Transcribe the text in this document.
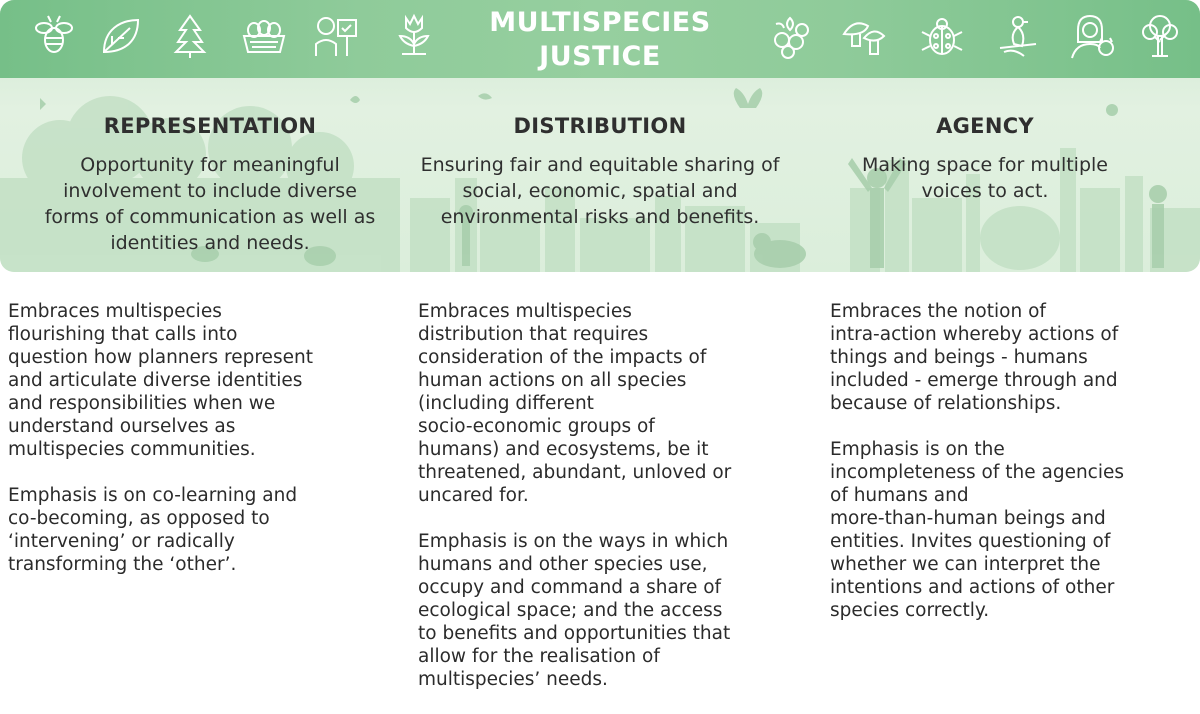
MULTISPECIES
JUSTICE
REPRESENTATION	DISTRIBUTION	AGENCY
Opportunity for meaningful
involvement to include diverse
forms of communication as well as
identities and needs.
Ensuring fair and equitable sharing of
social, economic, spatial and
environmental risks and benefits.
Making space for multiple
voices to act.

Embraces multispecies
flourishing that calls into
question how planners represent
and articulate diverse identities
and responsibilities when we
understand ourselves as
multispecies communities.

Emphasis is on co-learning and
co-becoming, as opposed to
‘intervening’ or radically
transforming the ‘other’.

Embraces multispecies
distribution that requires
consideration of the impacts of
human actions on all species
(including different
socio-economic groups of
humans) and ecosystems, be it
threatened, abundant, unloved or
uncared for.

Emphasis is on the ways in which
humans and other species use,
occupy and command a share of
ecological space; and the access
to benefits and opportunities that
allow for the realisation of
multispecies’ needs.

Embraces the notion of
intra-action whereby actions of
things and beings - humans
included - emerge through and
because of relationships.

Emphasis is on the
incompleteness of the agencies
of humans and
more-than-human beings and
entities. Invites questioning of
whether we can interpret the
intentions and actions of other
species correctly.
